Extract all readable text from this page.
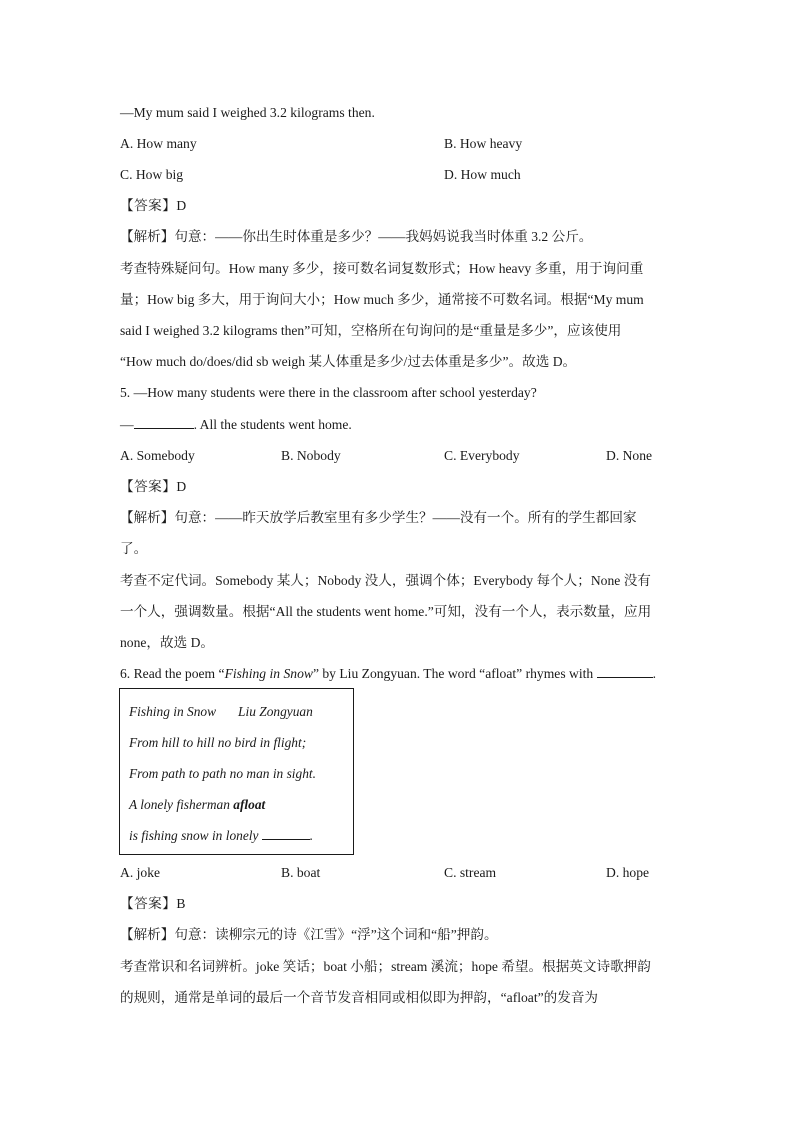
—My mum said I weighed 3.2 kilograms then.
A. How many	B. How heavy
C. How big	D. How much
【答案】D
【解析】句意：——你出生时体重是多少？——我妈妈说我当时体重 3.2 公斤。
考查特殊疑问句。How many 多少，接可数名词复数形式；How heavy 多重，用于询问重
量；How big 多大，用于询问大小；How much 多少，通常接不可数名词。根据“My mum
said I weighed 3.2 kilograms then”可知，空格所在句询问的是“重量是多少”，应该使用
“How much do/does/did sb weigh 某人体重是多少/过去体重是多少”。故选 D。
5. —How many students were there in the classroom after school yesterday?
—	. All the students went home.
A. Somebody	B. Nobody	C. Everybody	D. None
【答案】D
【解析】句意：——昨天放学后教室里有多少学生？——没有一个。所有的学生都回家
了。
考查不定代词。Somebody 某人；Nobody 没人，强调个体；Everybody 每个人；None 没有
一个人，强调数量。根据“All the students went home.”可知，没有一个人，表示数量，应用
none，故选 D。
6. Read the poem “Fishing in Snow” by Liu Zongyuan. The word “afloat” rhymes with	.
Fishing in Snow Liu Zongyuan
From hill to hill no bird in flight;
From path to path no man in sight.
A lonely fisherman afloat
is fishing snow in lonely	.
A. joke	B. boat	C. stream	D. hope
【答案】B
【解析】句意：读柳宗元的诗《江雪》“浮”这个词和“船”押韵。
考查常识和名词辨析。joke 笑话；boat 小船；stream 溪流；hope 希望。根据英文诗歌押韵
的规则，通常是单词的最后一个音节发音相同或相似即为押韵，“afloat”的发音为
